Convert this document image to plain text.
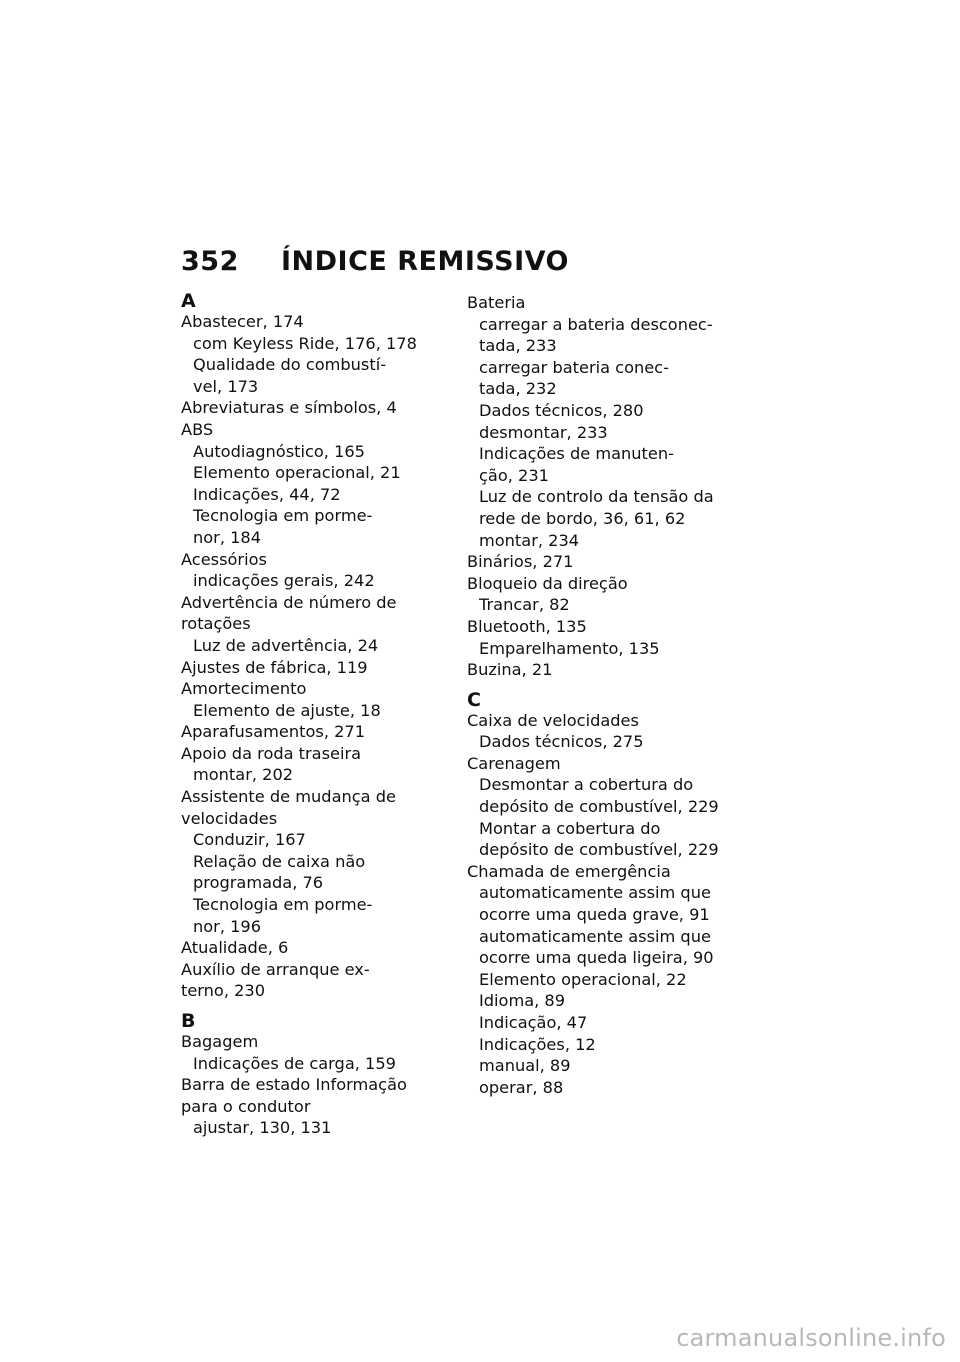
352 ÍNDICE REMISSIVO
A
Abastecer, 174
com Keyless Ride, 176, 178
Qualidade do combustí-
vel, 173
Abreviaturas e símbolos, 4
ABS
Autodiagnóstico, 165
Elemento operacional, 21
Indicações, 44, 72
Tecnologia em porme-
nor, 184
Acessórios
indicações gerais, 242
Advertência de número de
rotações
Luz de advertência, 24
Ajustes de fábrica, 119
Amortecimento
Elemento de ajuste, 18
Aparafusamentos, 271
Apoio da roda traseira
montar, 202
Assistente de mudança de
velocidades
Conduzir, 167
Relação de caixa não
programada, 76
Tecnologia em porme-
nor, 196
Atualidade, 6
Auxílio de arranque ex-
terno, 230
B
Bagagem
Indicações de carga, 159
Barra de estado Informação
para o condutor
ajustar, 130, 131
Bateria
carregar a bateria desconec-
tada, 233
carregar bateria conec-
tada, 232
Dados técnicos, 280
desmontar, 233
Indicações de manuten-
ção, 231
Luz de controlo da tensão da
rede de bordo, 36, 61, 62
montar, 234
Binários, 271
Bloqueio da direção
Trancar, 82
Bluetooth, 135
Emparelhamento, 135
Buzina, 21
C
Caixa de velocidades
Dados técnicos, 275
Carenagem
Desmontar a cobertura do
depósito de combustível, 229
Montar a cobertura do
depósito de combustível, 229
Chamada de emergência
automaticamente assim que
ocorre uma queda grave, 91
automaticamente assim que
ocorre uma queda ligeira, 90
Elemento operacional, 22
Idioma, 89
Indicação, 47
Indicações, 12
manual, 89
operar, 88
carmanualsonline.info
